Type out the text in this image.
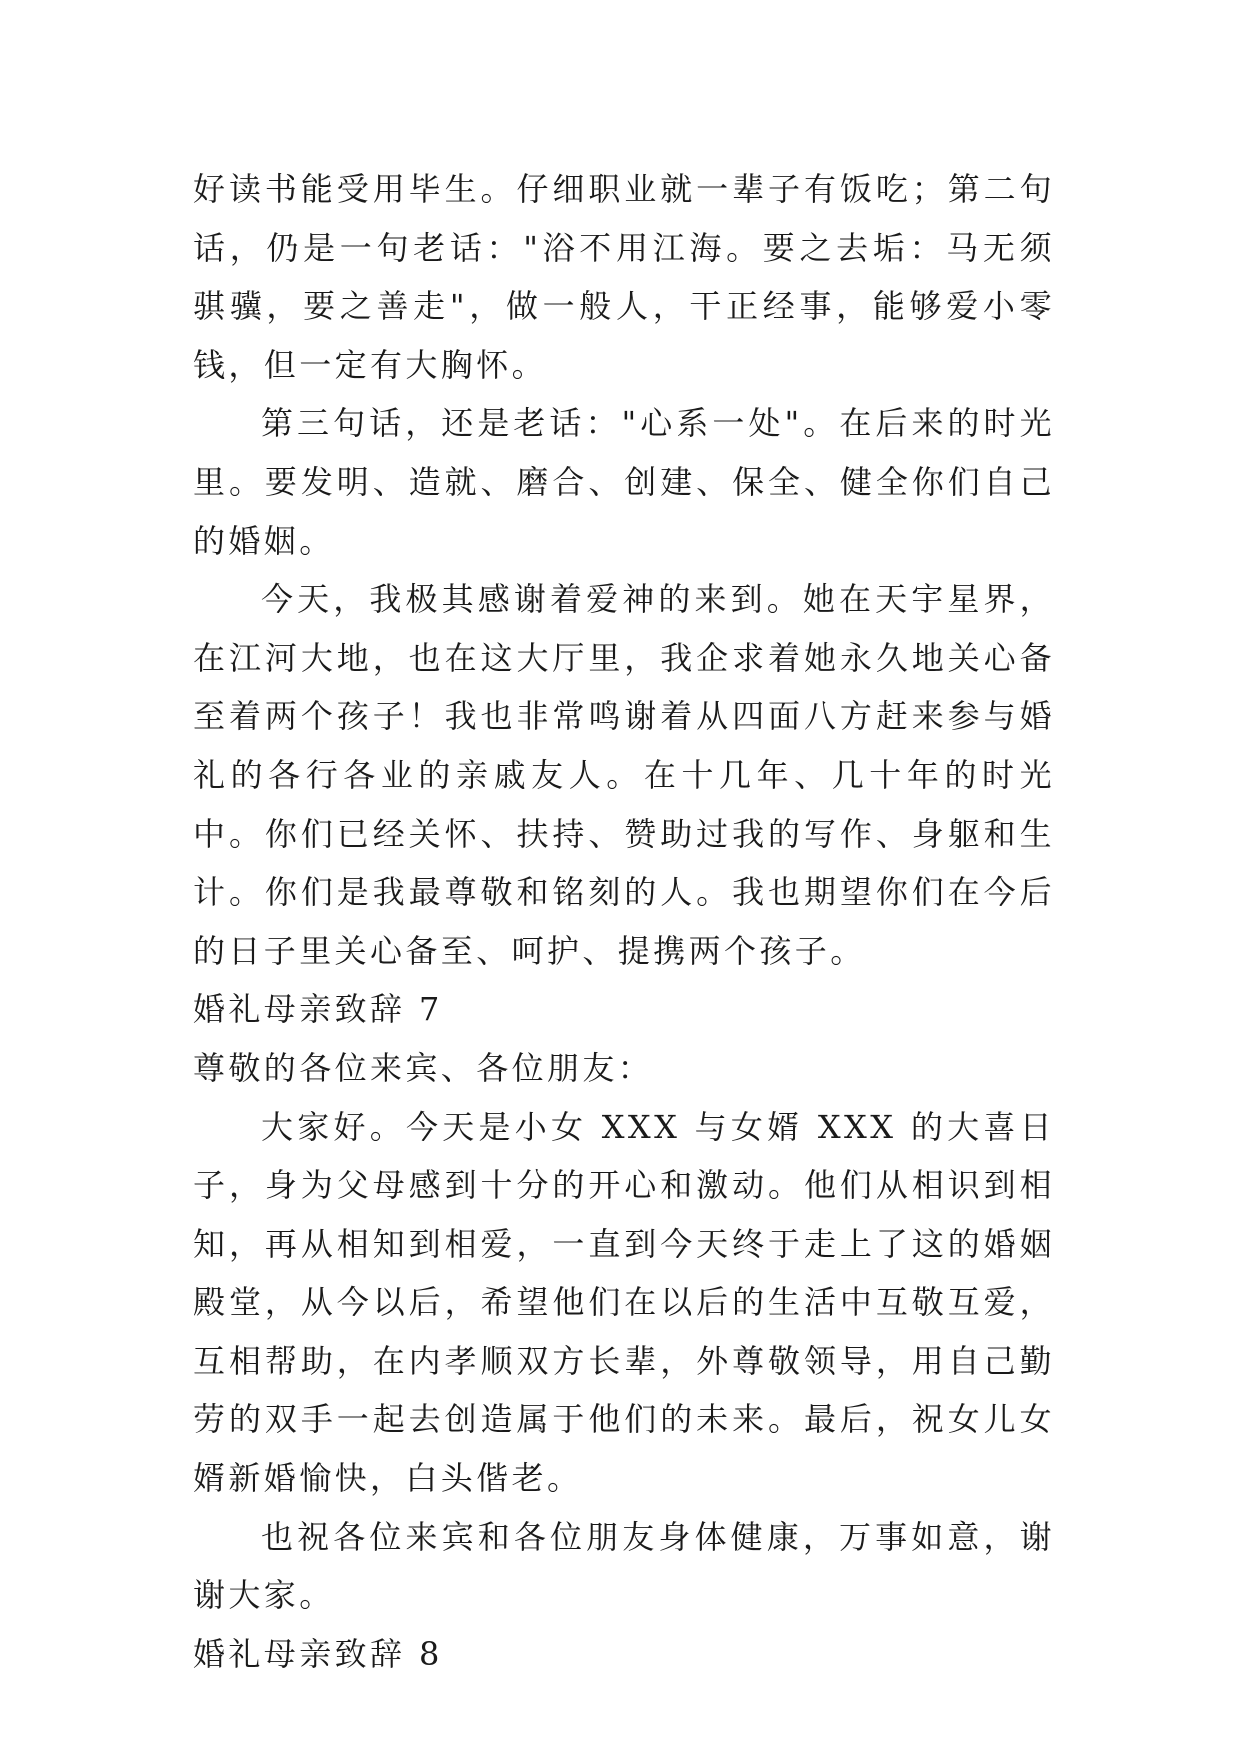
好读书能受用毕生。仔细职业就一辈子有饭吃；第二句话，仍是一句老话："浴不用江海。要之去垢：马无须骐骥，要之善走"，做一般人，干正经事，能够爱小零钱，但一定有大胸怀。

第三句话，还是老话："心系一处"。在后来的时光里。要发明、造就、磨合、创建、保全、健全你们自己的婚姻。

今天，我极其感谢着爱神的来到。她在天宇星界，在江河大地，也在这大厅里，我企求着她永久地关心备至着两个孩子！我也非常鸣谢着从四面八方赶来参与婚礼的各行各业的亲戚友人。在十几年、几十年的时光中。你们已经关怀、扶持、赞助过我的写作、身躯和生计。你们是我最尊敬和铭刻的人。我也期望你们在今后的日子里关心备至、呵护、提携两个孩子。

婚礼母亲致辞 7

尊敬的各位来宾、各位朋友：

大家好。今天是小女 XXX 与女婿 XXX 的大喜日子，身为父母感到十分的开心和激动。他们从相识到相知，再从相知到相爱，一直到今天终于走上了这的婚姻殿堂，从今以后，希望他们在以后的生活中互敬互爱，互相帮助，在内孝顺双方长辈，外尊敬领导，用自己勤劳的双手一起去创造属于他们的未来。最后，祝女儿女婿新婚愉快，白头偕老。

也祝各位来宾和各位朋友身体健康，万事如意，谢谢大家。

婚礼母亲致辞 8
